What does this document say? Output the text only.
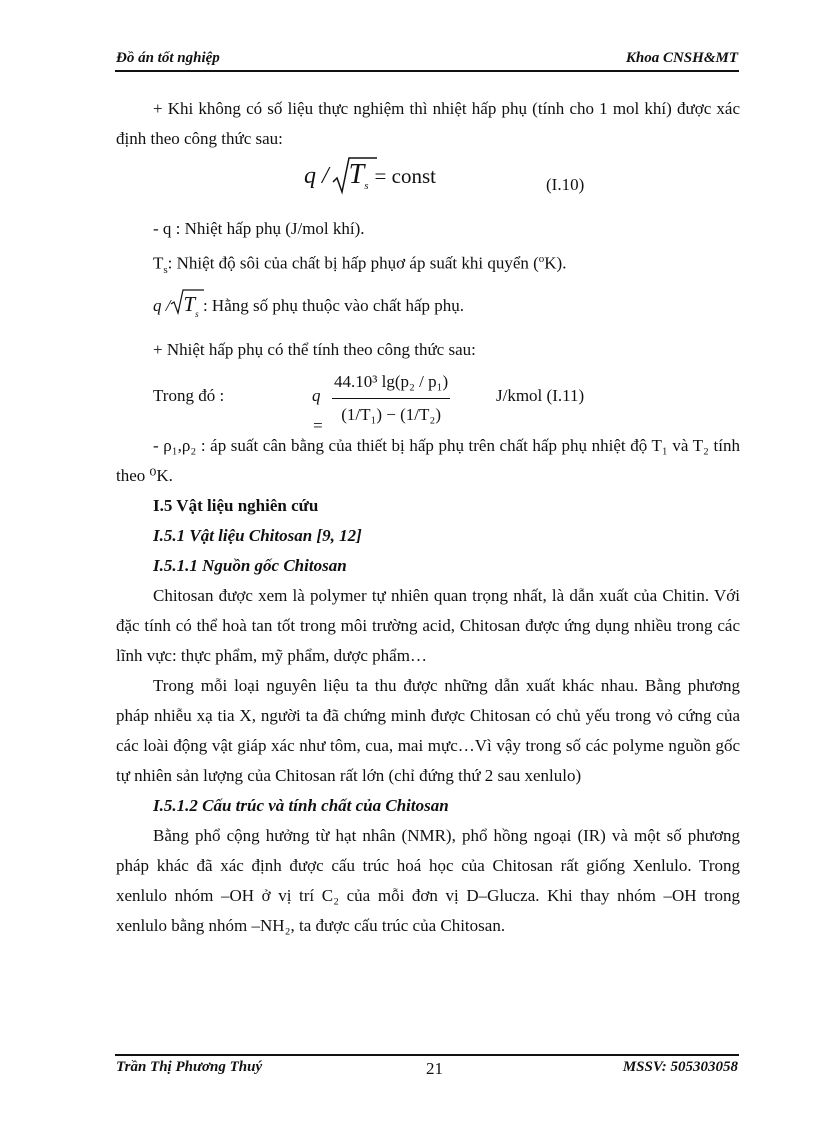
Đồ án tốt nghiệp	Khoa CNSH&MT

+ Khi không có số liệu thực nghiệm thì nhiệt hấp phụ (tính cho 1 mol khí) được xác định theo công thức sau:

q / $T_s$ = const	(I.10)

- q : Nhiệt hấp phụ (J/mol khí).

$T_s$: Nhiệt độ sôi của chất bị hấp phụơ áp suất khi quyển ($^o$K).

q / $T_s$ : Hằng số phụ thuộc vào chất hấp phụ.

+ Nhiệt hấp phụ có thể tính theo công thức sau:

Trong đó :	q =
44.10³ lg(p₂ / p₁)
(1/T₁) − (1/T₂)
J/kmol (I.11)

- ρ₁,ρ₂ : áp suất cân bằng của thiết bị hấp phụ trên chất hấp phụ nhiệt độ T₁ và T₂ tính theo ⁰K.

I.5 Vật liệu nghiên cứu

I.5.1 Vật liệu Chitosan [9, 12]

I.5.1.1 Nguồn gốc Chitosan

Chitosan được xem là polymer tự nhiên quan trọng nhất, là dẫn xuất của Chitin. Với đặc tính có thể hoà tan tốt trong môi trường acid, Chitosan được ứng dụng nhiều trong các lĩnh vực: thực phẩm, mỹ phẩm, dược phẩm…

Trong mỗi loại nguyên liệu ta thu được những dẫn xuất khác nhau. Bằng phương pháp nhiễu xạ tia X, người ta đã chứng minh được Chitosan có chủ yếu trong vỏ cứng của các loài động vật giáp xác như tôm, cua, mai mực…Vì vậy trong số các polyme nguồn gốc tự nhiên sản lượng của Chitosan rất lớn (chỉ đứng thứ 2 sau xenlulo)

I.5.1.2 Cấu trúc và tính chất của Chitosan

Bằng phổ cộng hưởng từ hạt nhân (NMR), phổ hồng ngoại (IR) và một số phương pháp khác đã xác định được cấu trúc hoá học của Chitosan rất giống Xenlulo. Trong xenlulo nhóm –OH ở vị trí C₂ của mỗi đơn vị D–Glucza. Khi thay nhóm –OH trong xenlulo bằng nhóm –NH₂, ta được cấu trúc của Chitosan.

Trần Thị Phương Thuý	21	MSSV: 505303058
